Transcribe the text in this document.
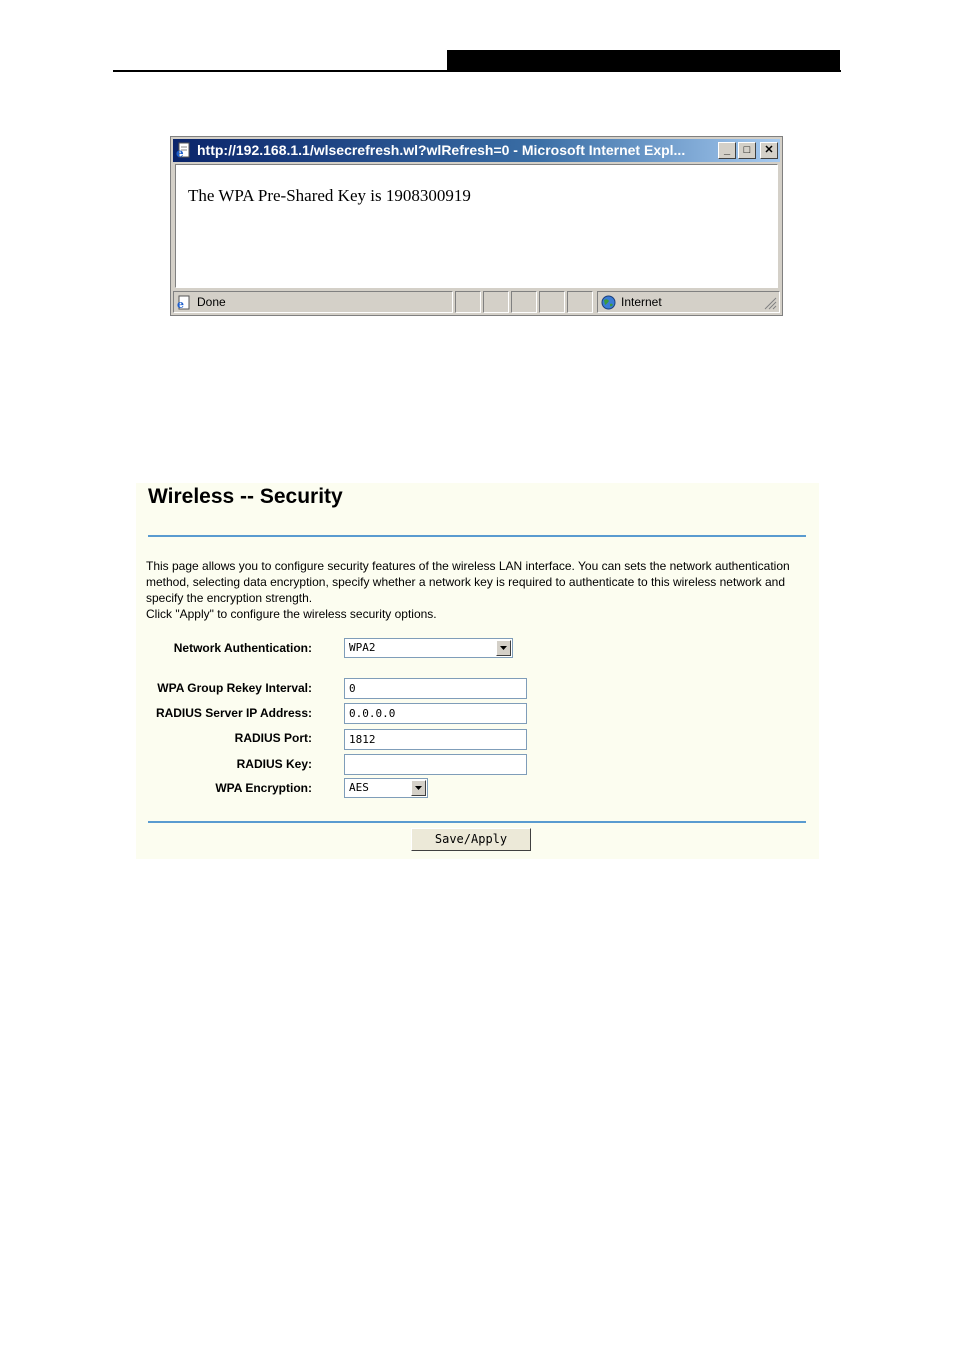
e http://192.168.1.1/wlsecrefresh.wl?wlRefresh=0 - Microsoft Internet Expl...	_	□	✕
The WPA Pre-Shared Key is 1908300919
e Done	Internet
Wireless -- Security

This page allows you to configure security features of the wireless LAN interface. You can sets the network authentication method, selecting data encryption, specify whether a network key is required to authenticate to this wireless network and specify the encryption strength.

Click "Apply" to configure the wireless security options.

Network Authentication:	WPA2
WPA Group Rekey Interval:	0
RADIUS Server IP Address:	0.0.0.0
RADIUS Port:	1812
RADIUS Key:
WPA Encryption:	AES
Save/Apply
